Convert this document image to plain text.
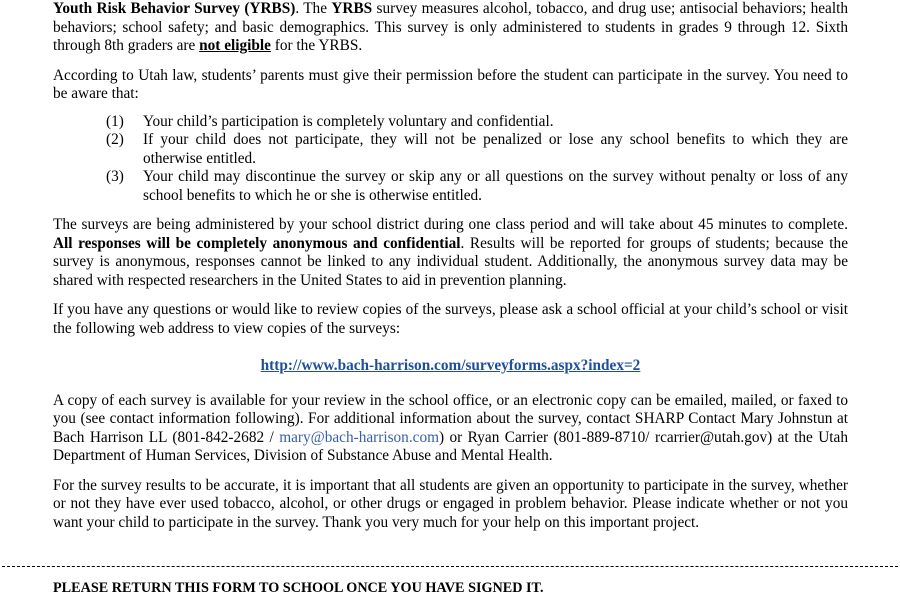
Youth Risk Behavior Survey (YRBS). The YRBS survey measures alcohol, tobacco, and drug use; antisocial behaviors; health behaviors; school safety; and basic demographics. This survey is only administered to students in grades 9 through 12. Sixth through 8th graders are not eligible for the YRBS.

According to Utah law, students’ parents must give their permission before the student can participate in the survey. You need to be aware that:

(1)	Your child’s participation is completely voluntary and confidential.
(2)	If your child does not participate, they will not be penalized or lose any school benefits to which they are otherwise entitled.
(3)	Your child may discontinue the survey or skip any or all questions on the survey without penalty or loss of any school benefits to which he or she is otherwise entitled.

The surveys are being administered by your school district during one class period and will take about 45 minutes to complete. All responses will be completely anonymous and confidential. Results will be reported for groups of students; because the survey is anonymous, responses cannot be linked to any individual student. Additionally, the anonymous survey data may be shared with respected researchers in the United States to aid in prevention planning.

If you have any questions or would like to review copies of the surveys, please ask a school official at your child’s school or visit the following web address to view copies of the surveys:

http://www.bach-harrison.com/surveyforms.aspx?index=2

A copy of each survey is available for your review in the school office, or an electronic copy can be emailed, mailed, or faxed to you (see contact information following). For additional information about the survey, contact SHARP Contact Mary Johnstun at Bach Harrison LL (801-842-2682 / mary@bach-harrison.com) or Ryan Carrier (801-889-8710/ rcarrier@utah.gov) at the Utah Department of Human Services, Division of Substance Abuse and Mental Health.

For the survey results to be accurate, it is important that all students are given an opportunity to participate in the survey, whether or not they have ever used tobacco, alcohol, or other drugs or engaged in problem behavior. Please indicate whether or not you want your child to participate in the survey. Thank you very much for your help on this important project.

PLEASE RETURN THIS FORM TO SCHOOL ONCE YOU HAVE SIGNED IT.
